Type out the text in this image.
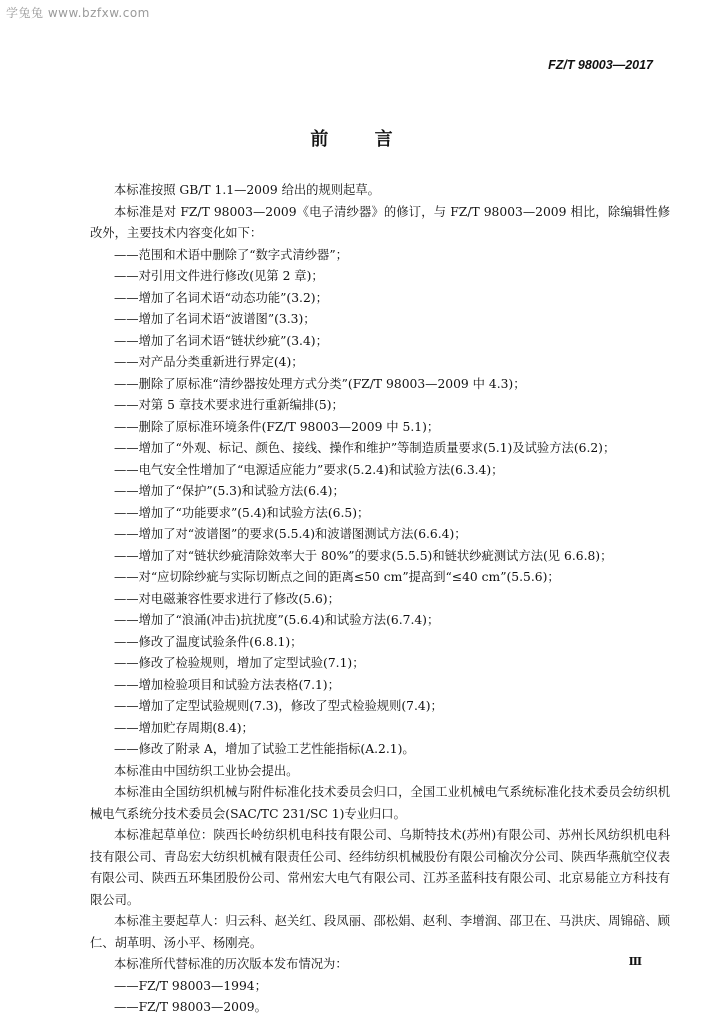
学兔兔 www.bzfxw.com
FZ/T 98003—2017
前 言

本标准按照 GB/T 1.1—2009 给出的规则起草。

本标准是对 FZ/T 98003—2009《电子清纱器》的修订，与 FZ/T 98003—2009 相比，除编辑性修改外，主要技术内容变化如下：

——范围和术语中删除了“数字式清纱器”；

——对引用文件进行修改(见第 2 章)；

——增加了名词术语“动态功能”(3.2)；

——增加了名词术语“波谱图”(3.3)；

——增加了名词术语“链状纱疵”(3.4)；

——对产品分类重新进行界定(4)；

——删除了原标准“清纱器按处理方式分类”(FZ/T 98003—2009 中 4.3)；

——对第 5 章技术要求进行重新编排(5)；

——删除了原标准环境条件(FZ/T 98003—2009 中 5.1)；

——增加了“外观、标记、颜色、接线、操作和维护”等制造质量要求(5.1)及试验方法(6.2)；

——电气安全性增加了“电源适应能力”要求(5.2.4)和试验方法(6.3.4)；

——增加了“保护”(5.3)和试验方法(6.4)；

——增加了“功能要求”(5.4)和试验方法(6.5)；

——增加了对“波谱图”的要求(5.5.4)和波谱图测试方法(6.6.4)；

——增加了对“链状纱疵清除效率大于 80%”的要求(5.5.5)和链状纱疵测试方法(见 6.6.8)；

——对“应切除纱疵与实际切断点之间的距离≤50 cm”提高到“≤40 cm”(5.5.6)；

——对电磁兼容性要求进行了修改(5.6)；

——增加了“浪涌(冲击)抗扰度”(5.6.4)和试验方法(6.7.4)；

——修改了温度试验条件(6.8.1)；

——修改了检验规则，增加了定型试验(7.1)；

——增加检验项目和试验方法表格(7.1)；

——增加了定型试验规则(7.3)，修改了型式检验规则(7.4)；

——增加贮存周期(8.4)；

——修改了附录 A，增加了试验工艺性能指标(A.2.1)。

本标准由中国纺织工业协会提出。

本标准由全国纺织机械与附件标准化技术委员会归口，全国工业机械电气系统标准化技术委员会纺织机械电气系统分技术委员会(SAC/TC 231/SC 1)专业归口。

本标准起草单位：陕西长岭纺织机电科技有限公司、乌斯特技术(苏州)有限公司、苏州长风纺织机电科技有限公司、青岛宏大纺织机械有限责任公司、经纬纺织机械股份有限公司榆次分公司、陕西华燕航空仪表有限公司、陕西五环集团股份公司、常州宏大电气有限公司、江苏圣蓝科技有限公司、北京易能立方科技有限公司。

本标准主要起草人：归云科、赵关红、段凤丽、邵松娟、赵利、李增润、邵卫在、马洪庆、周锦碚、顾仁、胡革明、汤小平、杨刚亮。

本标准所代替标准的历次版本发布情况为：

——FZ/T 98003—1994；

——FZ/T 98003—2009。

Ⅲ
